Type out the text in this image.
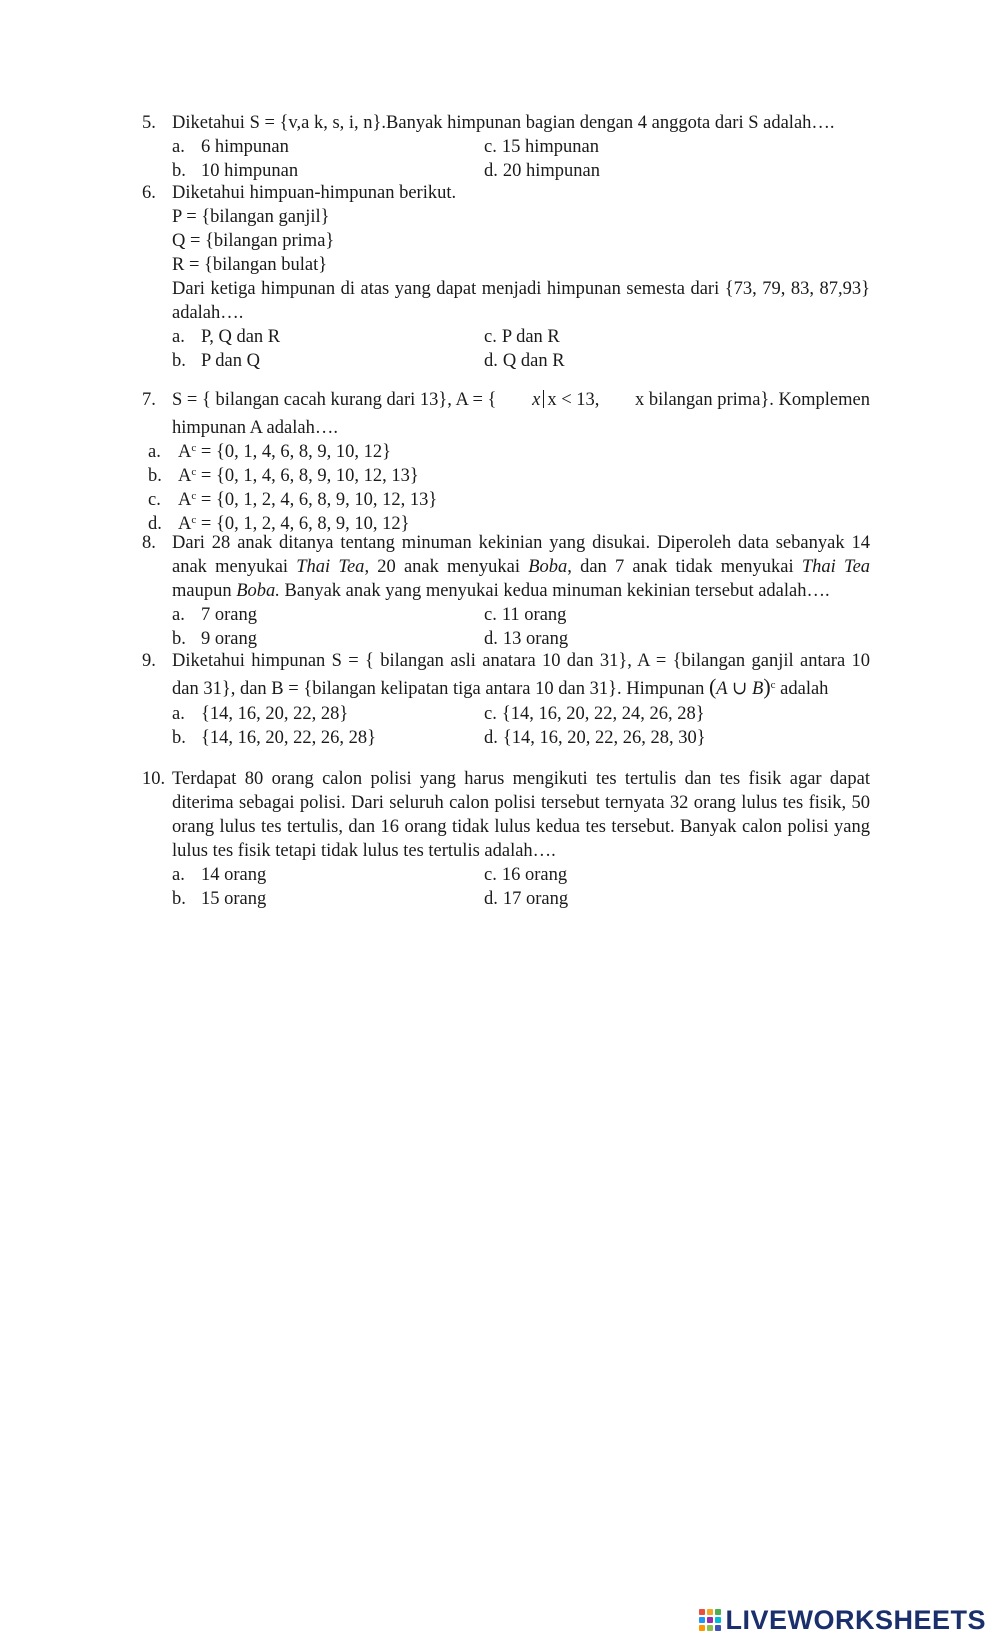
5. Diketahui S = {v,a k, s, i, n}.Banyak himpunan bagian dengan 4 anggota dari S adalah….
a. 6 himpunan	c. 15 himpunan
b. 10 himpunan	d. 20 himpunan
6. Diketahui himpuan-himpunan berikut.
P = {bilangan ganjil}
Q = {bilangan prima}
R = {bilangan bulat}
Dari ketiga himpunan di atas yang dapat menjadi himpunan semesta dari {73, 79, 83, 87,93} adalah….
a. P, Q dan R	c. P dan R
b. P dan Q	d. Q dan R
7. S = { bilangan cacah kurang dari 13}, A = { x x < 13, x bilangan prima}. Komplemen
himpunan A adalah….
a. $A^c = \{0$, 1, 4, 6, 8, 9, 10, 12}
b. $A^c = \{0$, 1, 4, 6, 8, 9, 10, 12, 13}
c. $A^c = \{0$, 1, 2, 4, 6, 8, 9, 10, 12, 13}
d. $A^c = \{0$, 1, 2, 4, 6, 8, 9, 10, 12}
8. Dari 28 anak ditanya tentang minuman kekinian yang disukai. Diperoleh data sebanyak 14 anak menyukai Thai Tea, 20 anak menyukai Boba, dan 7 anak tidak menyukai Thai Tea maupun Boba. Banyak anak yang menyukai kedua minuman kekinian tersebut adalah….
a. 7 orang	c. 11 orang
b. 9 orang	d. 13 orang
9. Diketahui himpunan S = { bilangan asli anatara 10 dan 31}, A = {bilangan ganjil antara 10 dan 31}, dan B = {bilangan kelipatan tiga antara 10 dan 31}. Himpunan (A ∪ B)$^c$ adalah
a. {14, 16, 20, 22, 28}	c. {14, 16, 20, 22, 24, 26, 28}
b. {14, 16, 20, 22, 26, 28}	d. {14, 16, 20, 22, 26, 28, 30}
10. Terdapat 80 orang calon polisi yang harus mengikuti tes tertulis dan tes fisik agar dapat diterima sebagai polisi. Dari seluruh calon polisi tersebut ternyata 32 orang lulus tes fisik, 50 orang lulus tes tertulis, dan 16 orang tidak lulus kedua tes tersebut. Banyak calon polisi yang lulus tes fisik tetapi tidak lulus tes tertulis adalah….
a. 14 orang	c. 16 orang
b. 15 orang	d. 17 orang
LIVEWORKSHEETS
